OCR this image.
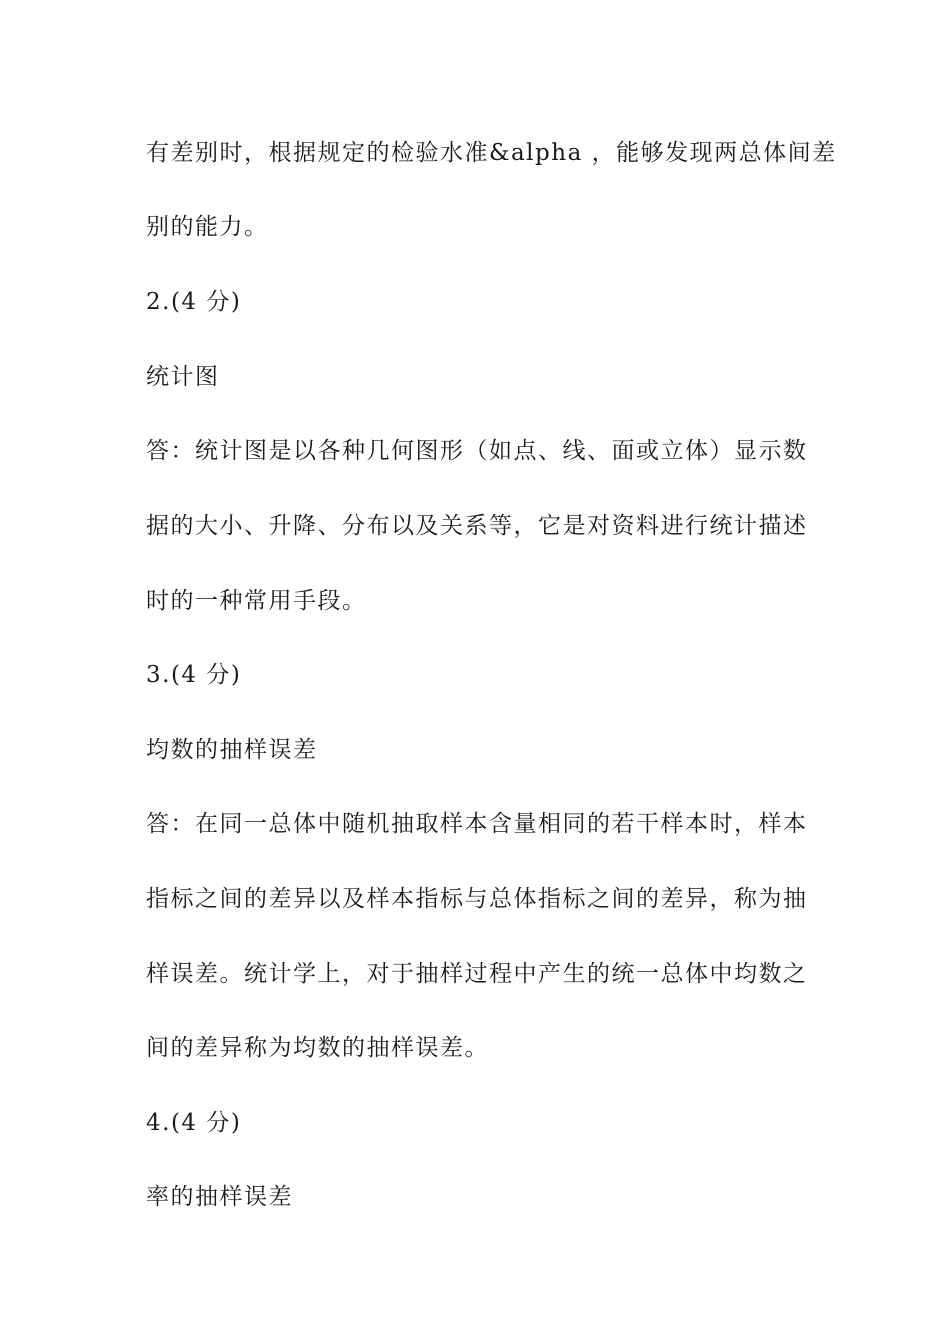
有差别时，根据规定的检验水准&alpha ，能够发现两总体间差
别的能力。
2.(4 分)
统计图
答：统计图是以各种几何图形（如点、线、面或立体）显示数
据的大小、升降、分布以及关系等，它是对资料进行统计描述
时的一种常用手段。
3.(4 分)
均数的抽样误差
答：在同一总体中随机抽取样本含量相同的若干样本时，样本
指标之间的差异以及样本指标与总体指标之间的差异，称为抽
样误差。统计学上，对于抽样过程中产生的统一总体中均数之
间的差异称为均数的抽样误差。
4.(4 分)
率的抽样误差
